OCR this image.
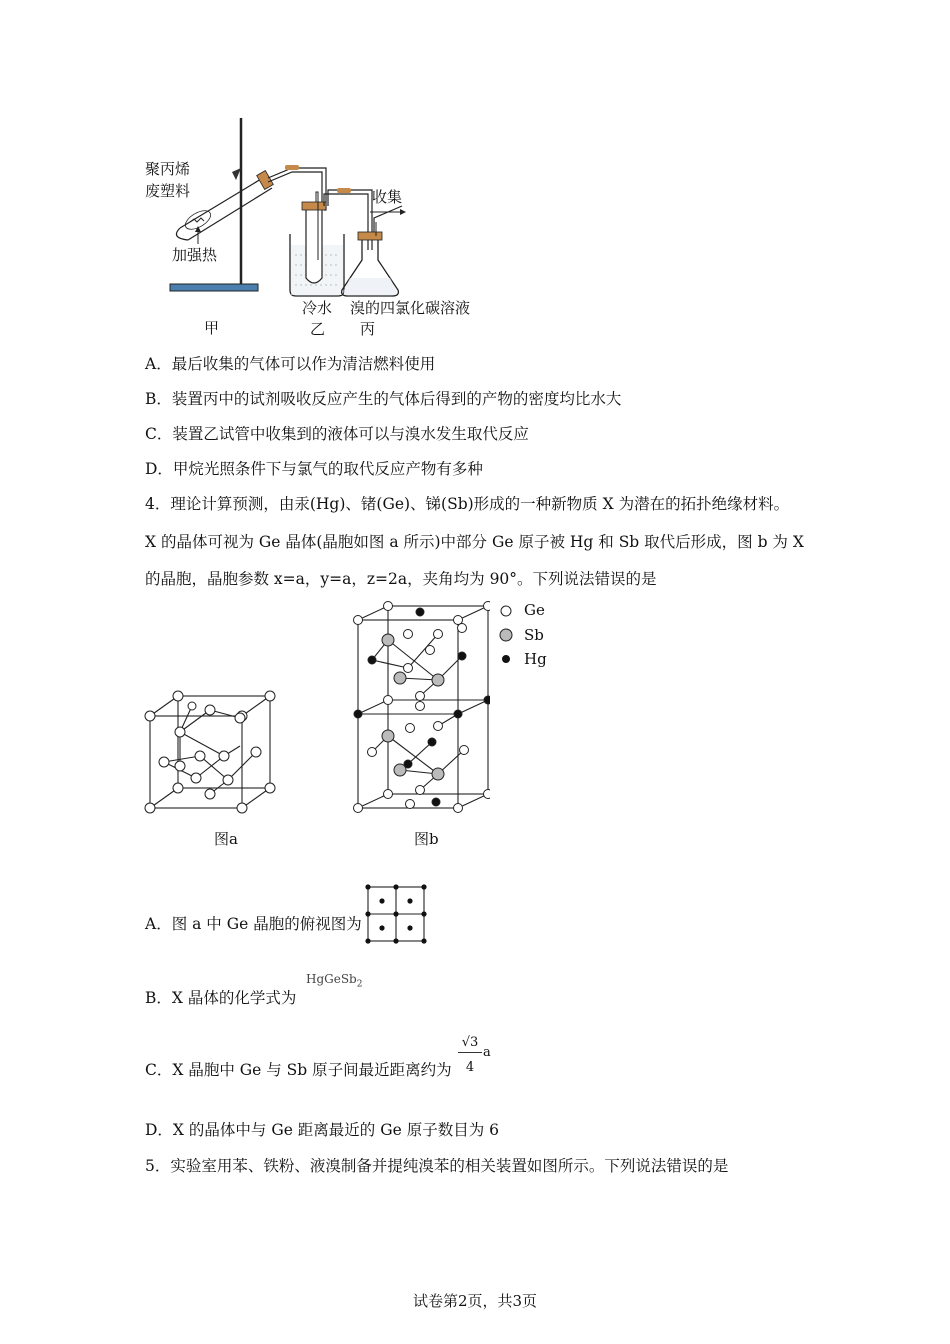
聚丙烯
废塑料
加强热
收集
冷水 溴的四氯化碳溶液
甲	乙 丙
A．最后收集的气体可以作为清洁燃料使用
B．装置丙中的试剂吸收反应产生的气体后得到的产物的密度均比水大
C．装置乙试管中收集到的液体可以与溴水发生取代反应
D．甲烷光照条件下与氯气的取代反应产物有多种
4．理论计算预测，由汞(Hg)、锗(Ge)、锑(Sb)形成的一种新物质 X 为潜在的拓扑绝缘材料。
X 的晶体可视为 Ge 晶体(晶胞如图 a 所示)中部分 Ge 原子被 Hg 和 Sb 取代后形成，图 b 为 X
的晶胞，晶胞参数 x=a，y=a，z=2a，夹角均为 90°。下列说法错误的是
图a	图b
Ge
Sb
Hg
A．图 a 中 Ge 晶胞的俯视图为
B．X 晶体的化学式为
HgGeSb$_2$
C．X 晶胞中 Ge 与 Sb 原子间最近距离约为
√3
4
a
D．X 的晶体中与 Ge 距离最近的 Ge 原子数目为 6
5．实验室用苯、铁粉、液溴制备并提纯溴苯的相关装置如图所示。下列说法错误的是
试卷第2页，共3页
